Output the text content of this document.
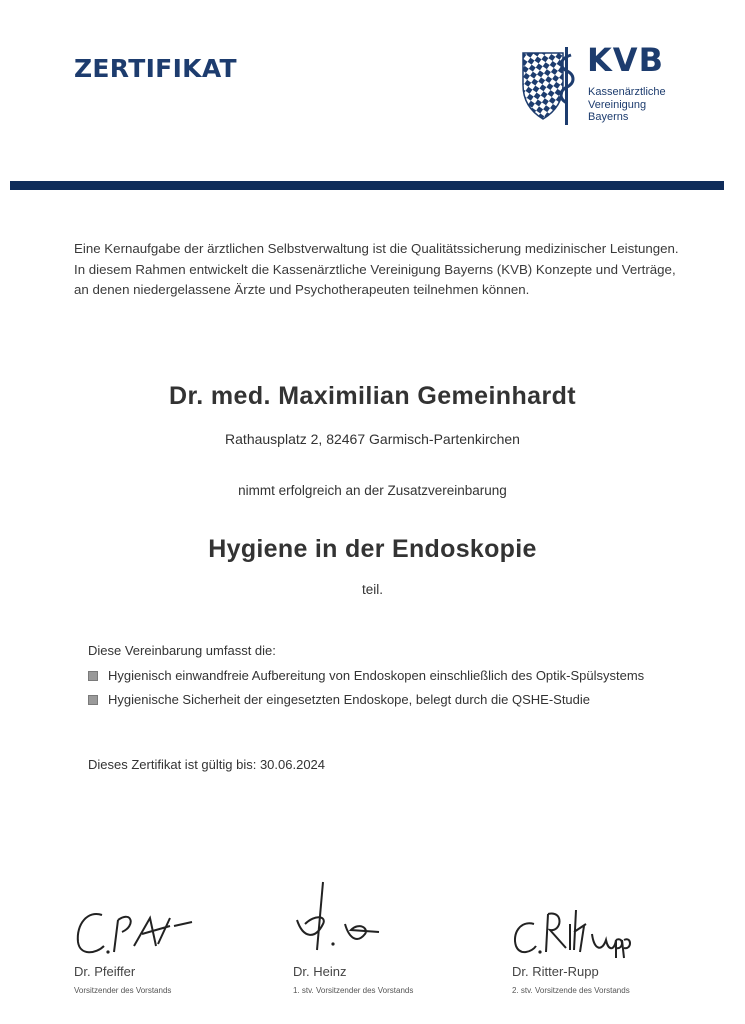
ZERTIFIKAT	KVB
Kassenärztliche
Vereinigung
Bayerns
Eine Kernaufgabe der ärztlichen Selbstverwaltung ist die Qualitätssicherung medizinischer Leistungen. In diesem Rahmen entwickelt die Kassenärztliche Vereinigung Bayerns (KVB) Konzepte und Verträge, an denen niedergelassene Ärzte und Psychotherapeuten teilnehmen können.
Dr. med. Maximilian Gemeinhardt
Rathausplatz 2, 82467 Garmisch-Partenkirchen
nimmt erfolgreich an der Zusatzvereinbarung
Hygiene in der Endoskopie
teil.
Diese Vereinbarung umfasst die:
Hygienisch einwandfreie Aufbereitung von Endoskopen einschließlich des Optik-Spülsystems
Hygienische Sicherheit der eingesetzten Endoskope, belegt durch die QSHE-Studie
Dieses Zertifikat ist gültig bis: 30.06.2024
Dr. Pfeiffer
Vorsitzender des Vorstands
Dr. Heinz
1. stv. Vorsitzender des Vorstands
Dr. Ritter-Rupp
2. stv. Vorsitzende des Vorstands
